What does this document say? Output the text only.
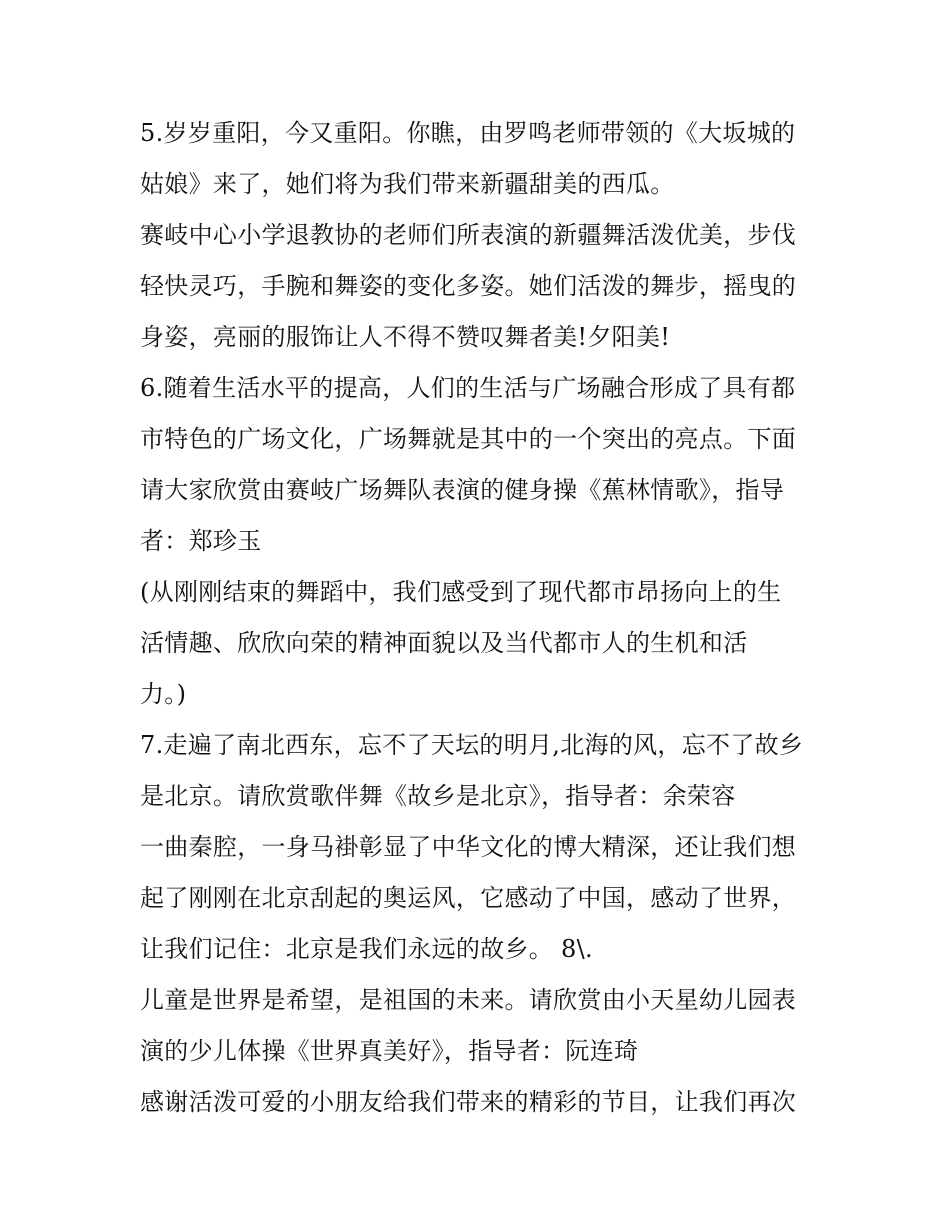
5.岁岁重阳，今又重阳。你瞧，由罗鸣老师带领的《大坂城的
姑娘》来了，她们将为我们带来新疆甜美的西瓜。
赛岐中心小学退教协的老师们所表演的新疆舞活泼优美，步伐
轻快灵巧，手腕和舞姿的变化多姿。她们活泼的舞步，摇曳的
身姿，亮丽的服饰让人不得不赞叹舞者美!夕阳美!
6.随着生活水平的提高，人们的生活与广场融合形成了具有都
市特色的广场文化，广场舞就是其中的一个突出的亮点。下面
请大家欣赏由赛岐广场舞队表演的健身操《蕉林情歌》，指导
者：郑珍玉
(从刚刚结束的舞蹈中，我们感受到了现代都市昂扬向上的生
活情趣、欣欣向荣的精神面貌以及当代都市人的生机和活
力。)
7.走遍了南北西东，忘不了天坛的明月,北海的风，忘不了故乡
是北京。请欣赏歌伴舞《故乡是北京》，指导者：余荣容
一曲秦腔，一身马褂彰显了中华文化的博大精深，还让我们想
起了刚刚在北京刮起的奥运风，它感动了中国，感动了世界，
让我们记住：北京是我们永远的故乡。 8\.
儿童是世界是希望，是祖国的未来。请欣赏由小天星幼儿园表
演的少儿体操《世界真美好》，指导者：阮连琦
感谢活泼可爱的小朋友给我们带来的精彩的节目，让我们再次
